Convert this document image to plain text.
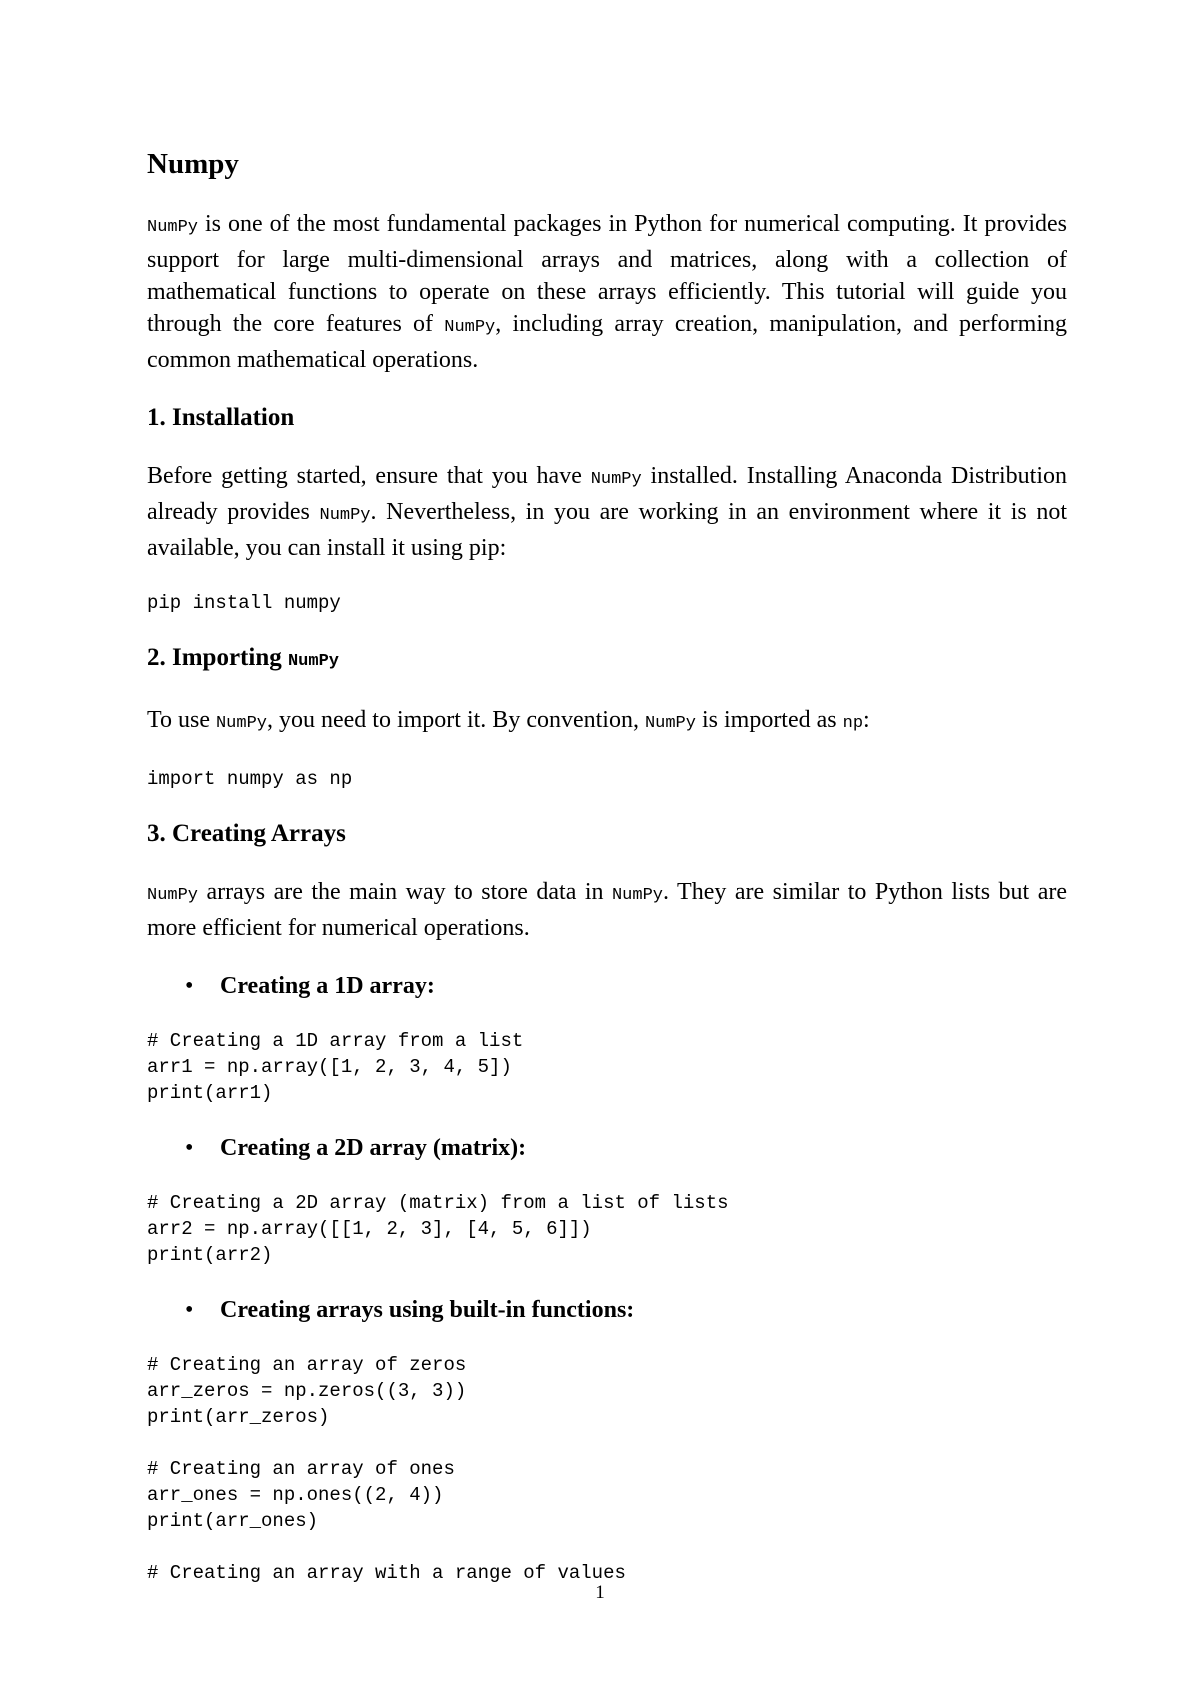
Numpy

NumPy is one of the most fundamental packages in Python for numerical computing. It provides support for large multi-dimensional arrays and matrices, along with a collection of mathematical functions to operate on these arrays efficiently. This tutorial will guide you through the core features of NumPy, including array creation, manipulation, and performing common mathematical operations.

1. Installation

Before getting started, ensure that you have NumPy installed. Installing Anaconda Distribution already provides NumPy. Nevertheless, in you are working in an environment where it is not available, you can install it using pip:

pip install numpy
2. Importing NumPy

To use NumPy, you need to import it. By convention, NumPy is imported as np:

import numpy as np
3. Creating Arrays

NumPy arrays are the main way to store data in NumPy. They are similar to Python lists but are more efficient for numerical operations.

• Creating a 1D array:
# Creating a 1D array from a list
arr1 = np.array([1, 2, 3, 4, 5])
print(arr1)
• Creating a 2D array (matrix):
# Creating a 2D array (matrix) from a list of lists
arr2 = np.array([[1, 2, 3], [4, 5, 6]])
print(arr2)
• Creating arrays using built-in functions:
# Creating an array of zeros
arr_zeros = np.zeros((3, 3))
print(arr_zeros)
# Creating an array of ones
arr_ones = np.ones((2, 4))
print(arr_ones)
# Creating an array with a range of values
1
